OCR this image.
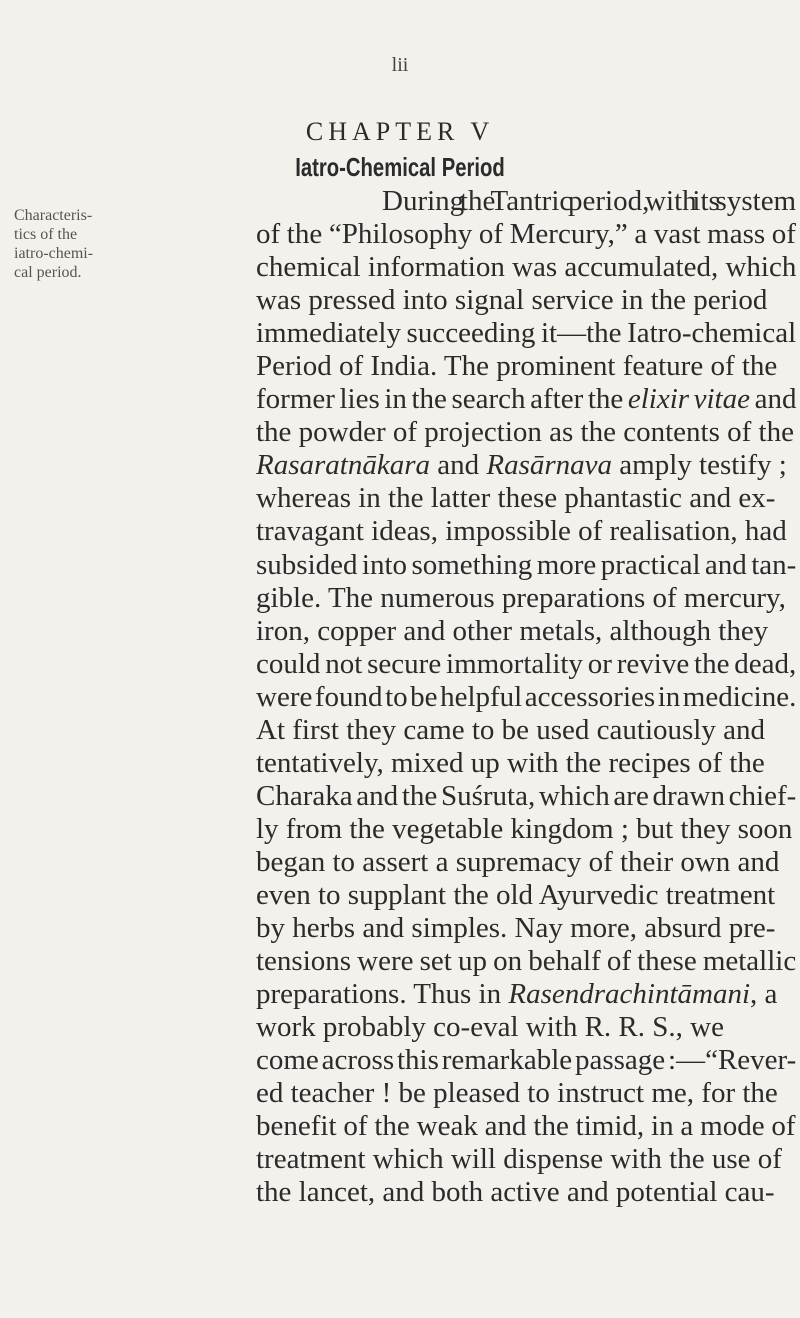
lii
CHAPTER V
Iatro-Chemical Period
Characteris-
tics of the
iatro-chemi-
cal period.
During the Tantric period, with its system
of the “Philosophy of Mercury,” a vast mass of
chemical information was accumulated, which
was pressed into signal service in the period
immediately succeeding it—the Iatro-chemical
Period of India. The prominent feature of the
former lies in the search after the elixir vitae and
the powder of projection as the contents of the
Rasaratnākara and Rasārnava amply testify ;
whereas in the latter these phantastic and ex-
travagant ideas, impossible of realisation, had
subsided into something more practical and tan-
gible. The numerous preparations of mercury,
iron, copper and other metals, although they
could not secure immortality or revive the dead,
were found to be helpful accessories in medicine.
At first they came to be used cautiously and
tentatively, mixed up with the recipes of the
Charaka and the Suśruta, which are drawn chief-
ly from the vegetable kingdom ; but they soon
began to assert a supremacy of their own and
even to supplant the old Ayurvedic treatment
by herbs and simples. Nay more, absurd pre-
tensions were set up on behalf of these metallic
preparations. Thus in Rasendrachintāmani, a
work probably co-eval with R. R. S., we
come across this remarkable passage :—“Rever-
ed teacher ! be pleased to instruct me, for the
benefit of the weak and the timid, in a mode of
treatment which will dispense with the use of
the lancet, and both active and potential cau-
